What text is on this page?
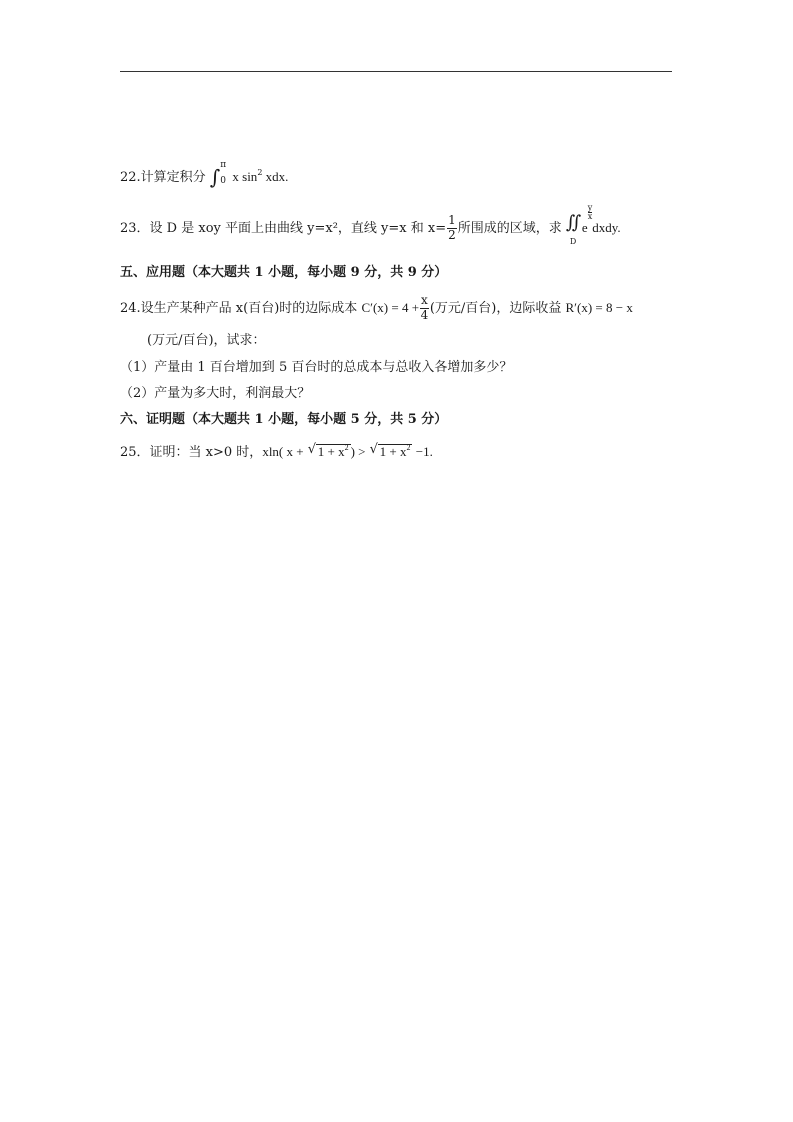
22.计算定积分 ∫
π
0 x $\sin^2$ xdx.
23．设 D 是 xoy 平面上由曲线 y=x²，直线 y=x 和 $x= \frac{1}{2}$ 所围成的区域，求 ∬
D
e
$\frac{y}{x}$
dxdy.
五、应用题（本大题共 1 小题，每小题 9 分，共 9 分）
24.设生产某种产品 x(百台)时的边际成本 $C'(x) = 4 + \frac{x}{4}$ (万元/百台)，边际收益 R′(x) = 8 − x
(万元/百台)，试求：
（1）产量由 1 百台增加到 5 百台时的总成本与总收入各增加多少？
（2）产量为多大时，利润最大？
六、证明题（本大题共 1 小题，每小题 5 分，共 5 分）
25．证明：当 x>0 时，xln( x + √ $1 + x^2$ ) > √ $1 + x^2 -1$.
